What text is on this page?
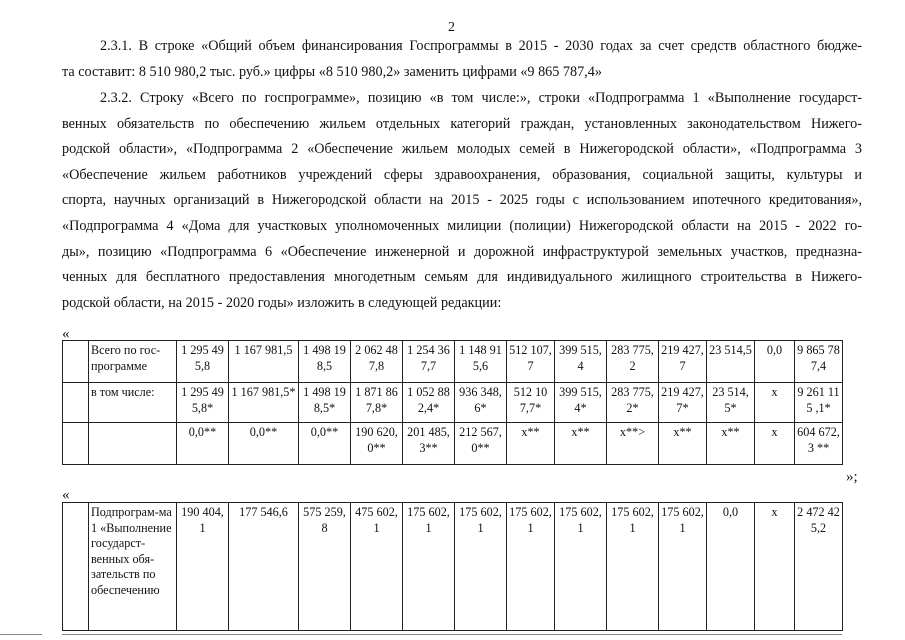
2
2.3.1. В строке «Общий объем финансирования Госпрограммы в 2015 - 2030 годах за счет средств областного бюдже-
та составит: 8 510 980,2 тыс. руб.» цифры «8 510 980,2» заменить цифрами «9 865 787,4»
2.3.2. Строку «Всего по госпрограмме», позицию «в том числе:», строки «Подпрограмма 1 «Выполнение государст-
венных обязательств по обеспечению жильем отдельных категорий граждан, установленных законодательством Нижего-
родской области», «Подпрограмма 2 «Обеспечение жильем молодых семей в Нижегородской области», «Подпрограмма 3
«Обеспечение жильем работников учреждений сферы здравоохранения, образования, социальной защиты, культуры и
спорта, научных организаций в Нижегородской области на 2015 - 2025 годы с использованием ипотечного кредитования»,
«Подпрограмма 4 «Дома для участковых уполномоченных милиции (полиции) Нижегородской области на 2015 - 2022 го-
ды», позицию «Подпрограмма 6 «Обеспечение инженерной и дорожной инфраструктурой земельных участков, предназна-
ченных для бесплатного предоставления многодетным семьям для индивидуального жилищного строительства в Нижего-
родской области, на 2015 - 2020 годы» изложить в следующей редакции:
«
	Всего по гос-программе	1 295 495,8	1 167 981,5	1 498 198,5	2 062 487,8	1 254 367,7	1 148 915,6	512 107,7	399 515,4	283 775,2	219 427,7	23 514,5	0,0	9 865 787,4
	в том числе:	1 295 495,8*	1 167 981,5*	1 498 19 8,5*	1 871 86 7,8*	1 052 88 2,4*	936 348, 6*	512 10 7,7*	399 515, 4*	283 775, 2*	219 427, 7*	23 514, 5*	x	9 261 115 ,1*
		0,0**	0,0**	0,0**	190 620,0**	201 485, 3**	212 567,0**	x**	x**	x**>	x**	x**	x	604 672,3 **
»;
«
	Подпрограм-ма 1 «Выполнение государст-венных обя-зательств по обеспечению	190 404,1	177 546,6	575 259,8	475 602,1	175 602,1	175 602,1	175 602,1	175 602,1	175 602,1	175 602,1	0,0	x	2 472 425,2
